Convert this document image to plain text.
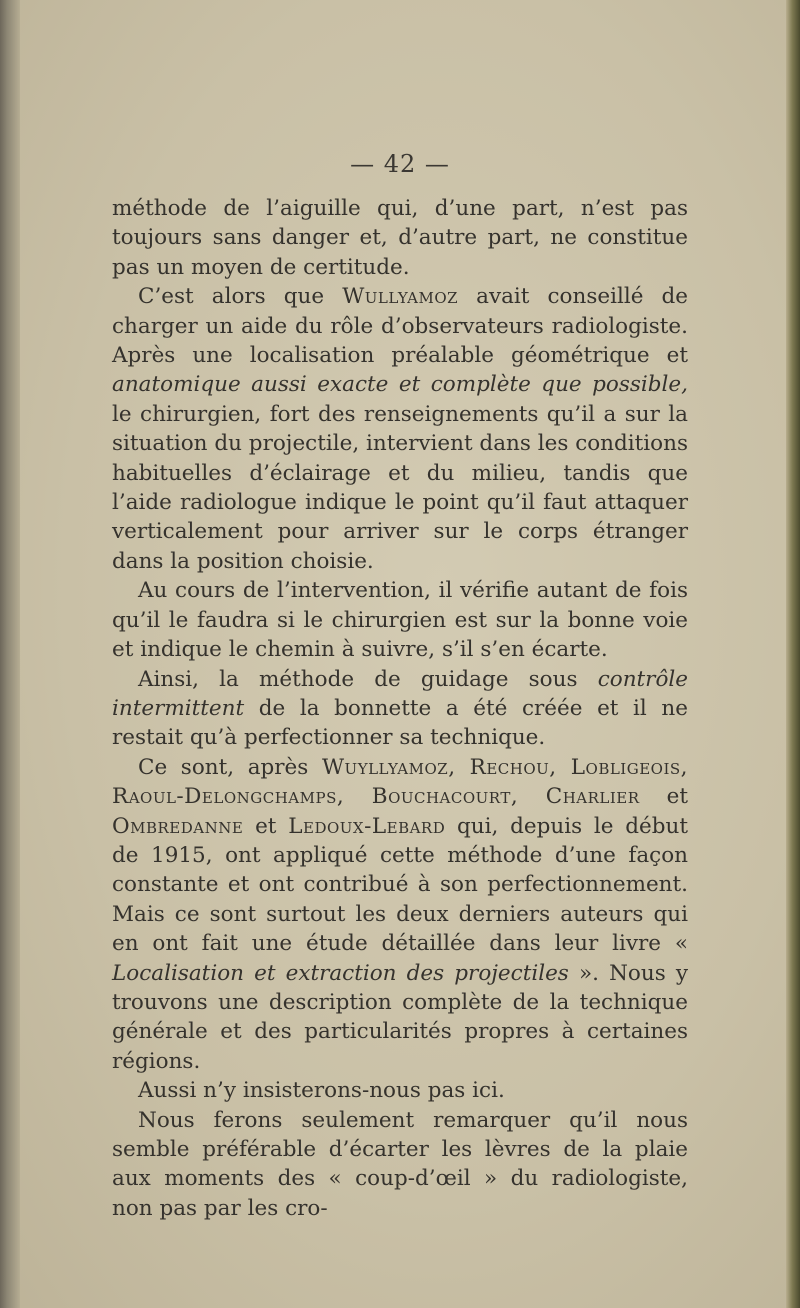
— 42 —

méthode de l’aiguille qui, d’une part, n’est pas toujours sans danger et, d’autre part, ne constitue pas un moyen de certitude.

C’est alors que Wullyamoz avait conseillé de charger un aide du rôle d’observateurs radiologiste. Après une localisation préalable géométrique et anatomique aussi exacte et complète que possible, le chirurgien, fort des renseignements qu’il a sur la situation du projectile, intervient dans les conditions habituelles d’éclairage et du milieu, tandis que l’aide radiologue indique le point qu’il faut attaquer verticalement pour arriver sur le corps étranger dans la position choisie.

Au cours de l’intervention, il vérifie autant de fois qu’il le faudra si le chirurgien est sur la bonne voie et indique le chemin à suivre, s’il s’en écarte.

Ainsi, la méthode de guidage sous contrôle intermittent de la bonnette a été créée et il ne restait qu’à perfectionner sa technique.

Ce sont, après Wuyllyamoz, Rechou, Lobligeois, Raoul-Delongchamps, Bouchacourt, Charlier et Ombredanne et Ledoux-Lebard qui, depuis le début de 1915, ont appliqué cette méthode d’une façon constante et ont contribué à son perfectionnement. Mais ce sont surtout les deux derniers auteurs qui en ont fait une étude détaillée dans leur livre « Localisation et extraction des projectiles ». Nous y trouvons une description complète de la technique générale et des particularités propres à certaines régions.

Aussi n’y insisterons-nous pas ici.

Nous ferons seulement remarquer qu’il nous semble préférable d’écarter les lèvres de la plaie aux moments des « coup-d’œil » du radiologiste, non pas par les cro-
